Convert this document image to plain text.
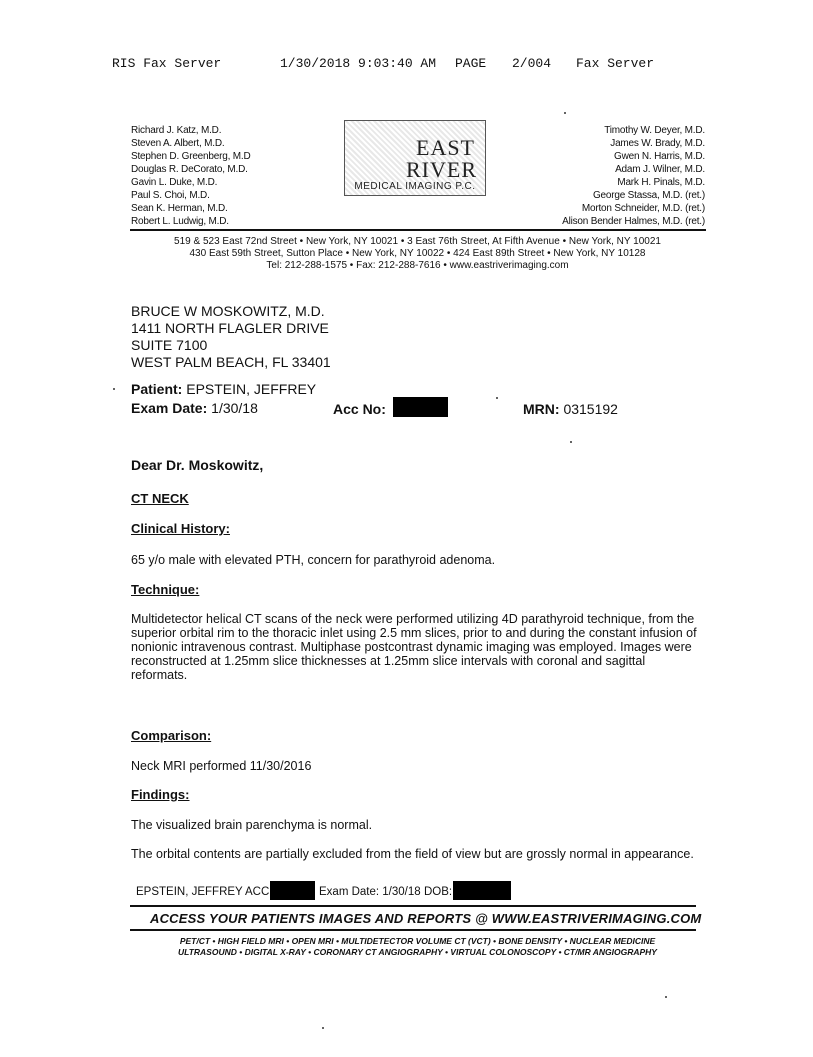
RIS Fax Server	1/30/2018 9:03:40 AM PAGE 2/004 Fax Server
Richard J. Katz, M.D.
Steven A. Albert, M.D.
Stephen D. Greenberg, M.D
Douglas R. DeCorato, M.D.
Gavin L. Duke, M.D.
Paul S. Choi, M.D.
Sean K. Herman, M.D.
Robert L. Ludwig, M.D.
EAST
RIVER
MEDICAL IMAGING P.C.
Timothy W. Deyer, M.D.
James W. Brady, M.D.
Gwen N. Harris, M.D.
Adam J. Wilner, M.D.
Mark H. Pinals, M.D.
George Stassa, M.D. (ret.)
Morton Schneider, M.D. (ret.)
Alison Bender Halmes, M.D. (ret.)
519 & 523 East 72nd Street • New York, NY 10021 • 3 East 76th Street, At Fifth Avenue • New York, NY 10021
430 East 59th Street, Sutton Place • New York, NY 10022 • 424 East 89th Street • New York, NY 10128
Tel: 212-288-1575 • Fax: 212-288-7616 • www.eastriverimaging.com
BRUCE W MOSKOWITZ, M.D.
1411 NORTH FLAGLER DRIVE
SUITE 7100
WEST PALM BEACH, FL 33401
Patient: EPSTEIN, JEFFREY
Exam Date: 1/30/18	Acc No:	MRN: 0315192
Dear Dr. Moskowitz,
CT NECK
Clinical History:
65 y/o male with elevated PTH, concern for parathyroid adenoma.
Technique:
Multidetector helical CT scans of the neck were performed utilizing 4D parathyroid technique, from the
superior orbital rim to the thoracic inlet using 2.5 mm slices, prior to and during the constant infusion of
nonionic intravenous contrast. Multiphase postcontrast dynamic imaging was employed. Images were
reconstructed at 1.25mm slice thicknesses at 1.25mm slice intervals with coronal and sagittal
reformats.
Comparison:
Neck MRI performed 11/30/2016
Findings:
The visualized brain parenchyma is normal.
The orbital contents are partially excluded from the field of view but are grossly normal in appearance.
EPSTEIN, JEFFREY ACC	Exam Date: 1/30/18 DOB:
ACCESS YOUR PATIENTS IMAGES AND REPORTS @ WWW.EASTRIVERIMAGING.COM
PET/CT • HIGH FIELD MRI • OPEN MRI • MULTIDETECTOR VOLUME CT (VCT) • BONE DENSITY • NUCLEAR MEDICINE
ULTRASOUND • DIGITAL X-RAY • CORONARY CT ANGIOGRAPHY • VIRTUAL COLONOSCOPY • CT/MR ANGIOGRAPHY
